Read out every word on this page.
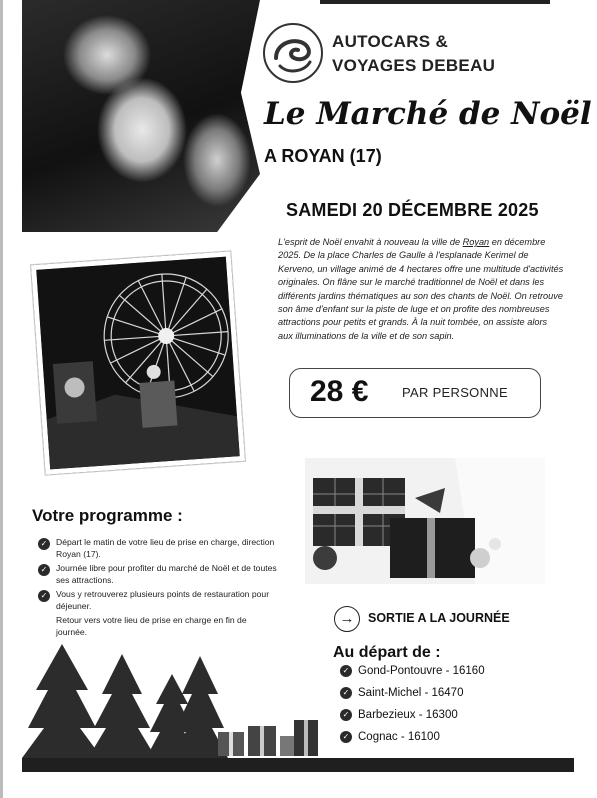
AUTOCARS &
VOYAGES DEBEAU
Le Marché de Noël
A ROYAN (17)
SAMEDI 20 DÉCEMBRE 2025
L'esprit de Noël envahit à nouveau la ville de Royan en décembre 2025. De la place Charles de Gaulle à l'esplanade Kerimel de Kerveno, un village animé de 4 hectares offre une multitude d'activités originales. On flâne sur le marché traditionnel de Noël et dans les différents jardins thématiques au son des chants de Noël. On retrouve son âme d'enfant sur la piste de luge et on profite des nombreuses attractions pour petits et grands. À la nuit tombée, on assiste alors aux illuminations de la ville et de son sapin.
28 €	PAR PERSONNE
Votre programme :
✓	Départ le matin de votre lieu de prise en charge, direction Royan (17).
✓	Journée libre pour profiter du marché de Noël et de toutes ses attractions.
✓	Vous y retrouverez plusieurs points de restauration pour déjeuner.
Retour vers votre lieu de prise en charge en fin de journée.
→	SORTIE A LA JOURNÉE
Au départ de :
✓ Gond-Pontouvre - 16160
✓ Saint-Michel - 16470
✓ Barbezieux - 16300
✓ Cognac - 16100
